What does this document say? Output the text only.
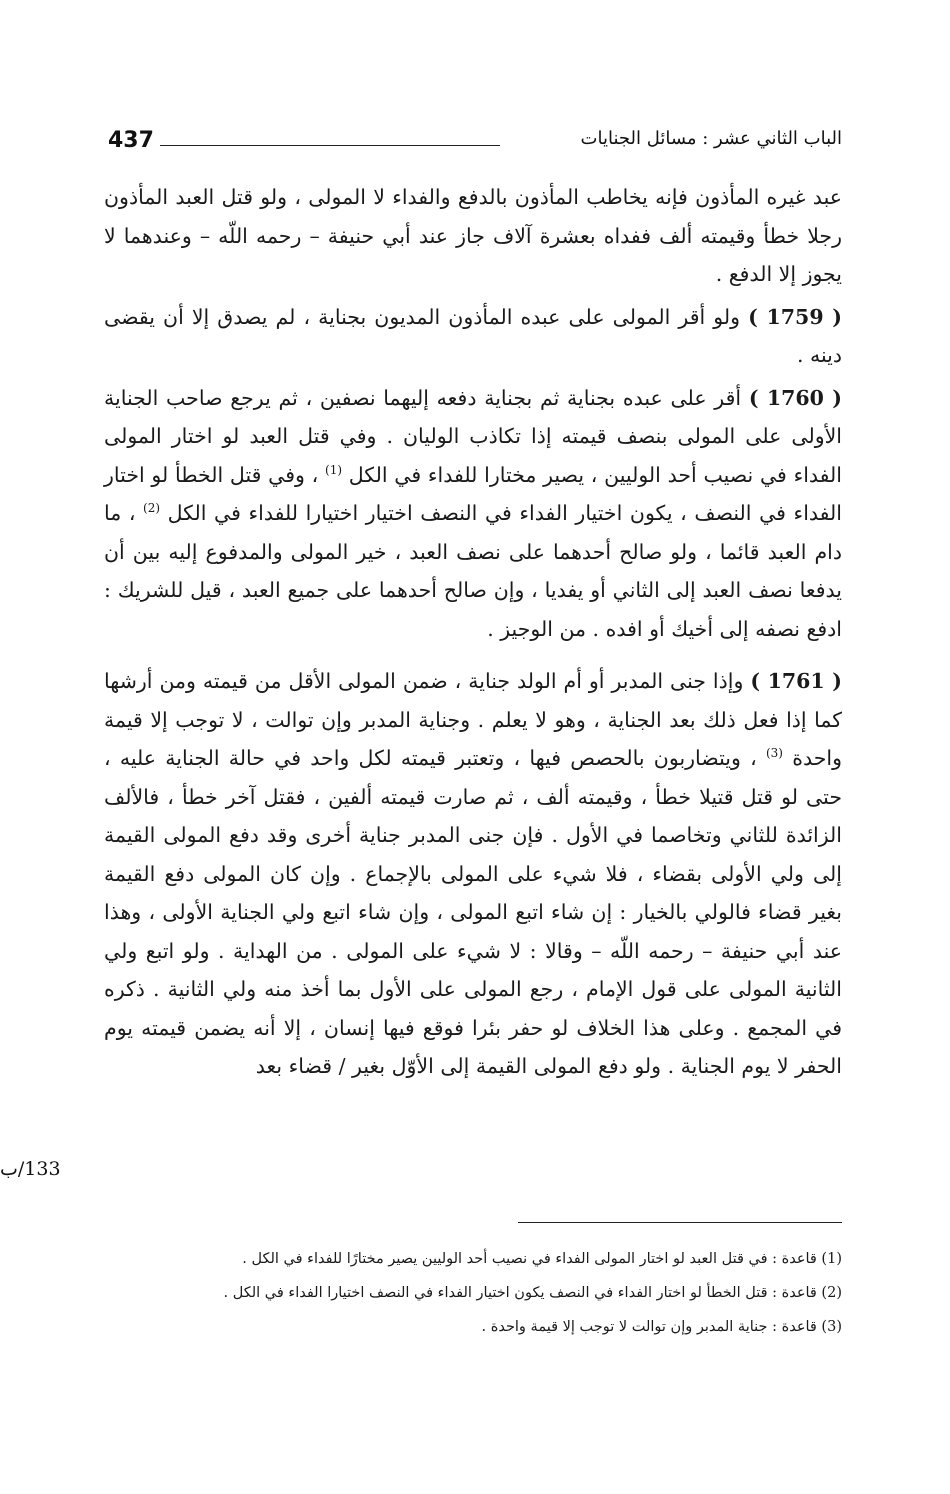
437	الباب الثاني عشر : مسائل الجنايات

عبد غيره المأذون فإنه يخاطب المأذون بالدفع والفداء لا المولى ، ولو قتل العبد المأذون رجلا خطأ وقيمته ألف ففداه بعشرة آلاف جاز عند أبي حنيفة – رحمه اللّه – وعندهما لا يجوز إلا الدفع .

( 1759 ) ولو أقر المولى على عبده المأذون المديون بجناية ، لم يصدق إلا أن يقضى دينه .

( 1760 ) أقر على عبده بجناية ثم بجناية دفعه إليهما نصفين ، ثم يرجع صاحب الجناية الأولى على المولى بنصف قيمته إذا تكاذب الوليان . وفي قتل العبد لو اختار المولى الفداء في نصيب أحد الوليين ، يصير مختارا للفداء في الكل $^{(1)}$ ، وفي قتل الخطأ لو اختار الفداء في النصف ، يكون اختيار الفداء في النصف اختيار اختيارا للفداء في الكل $^{(2)}$ ، ما دام العبد قائما ، ولو صالح أحدهما على نصف العبد ، خير المولى والمدفوع إليه بين أن يدفعا نصف العبد إلى الثاني أو يفديا ، وإن صالح أحدهما على جميع العبد ، قيل للشريك : ادفع نصفه إلى أخيك أو افده . من الوجيز .

( 1761 ) وإذا جنى المدبر أو أم الولد جناية ، ضمن المولى الأقل من قيمته ومن أرشها كما إذا فعل ذلك بعد الجناية ، وهو لا يعلم . وجناية المدبر وإن توالت ، لا توجب إلا قيمة واحدة $^{(3)}$ ، ويتضاربون بالحصص فيها ، وتعتبر قيمته لكل واحد في حالة الجناية عليه ، حتى لو قتل قتيلا خطأ ، وقيمته ألف ، ثم صارت قيمته ألفين ، فقتل آخر خطأ ، فالألف الزائدة للثاني وتخاصما في الأول . فإن جنى المدبر جناية أخرى وقد دفع المولى القيمة إلى ولي الأولى بقضاء ، فلا شيء على المولى بالإجماع . وإن كان المولى دفع القيمة بغير قضاء فالولي بالخيار : إن شاء اتبع المولى ، وإن شاء اتبع ولي الجناية الأولى ، وهذا عند أبي حنيفة – رحمه اللّه – وقالا : لا شيء على المولى . من الهداية . ولو اتبع ولي الثانية المولى على قول الإمام ، رجع المولى على الأول بما أخذ منه ولي الثانية . ذكره في المجمع . وعلى هذا الخلاف لو حفر بئرا فوقع فيها إنسان ، إلا أنه يضمن قيمته يوم الحفر لا يوم الجناية . ولو دفع المولى القيمة إلى الأوّل بغير / قضاء بعد

133/ب
(1) قاعدة : في قتل العبد لو اختار المولى الفداء في نصيب أحد الوليين يصير مختارًا للفداء في الكل .
(2) قاعدة : قتل الخطأ لو اختار الفداء في النصف يكون اختيار الفداء في النصف اختيارا الفداء في الكل .
(3) قاعدة : جناية المدبر وإن توالت لا توجب إلا قيمة واحدة .
